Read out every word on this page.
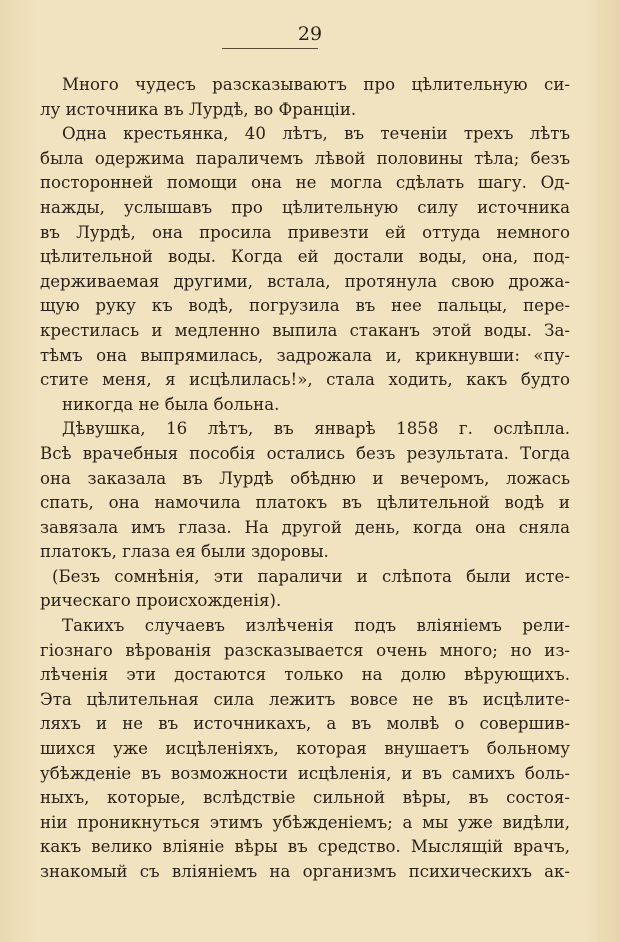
29
Много чудесъ разсказываютъ про цѣлительную си-
лу источника въ Лурдѣ, во Франціи.
Одна крестьянка, 40 лѣтъ, въ теченіи трехъ лѣтъ
была одержима параличемъ лѣвой половины тѣла; безъ
посторонней помощи она не могла сдѣлать шагу. Од-
нажды, услышавъ про цѣлительную силу источника
въ Лурдѣ, она просила привезти ей оттуда немного
цѣлительной воды. Когда ей достали воды, она, под-
держиваемая другими, встала, протянула свою дрожа-
щую руку къ водѣ, погрузила въ нее пальцы, пере-
крестилась и медленно выпила стаканъ этой воды. За-
тѣмъ она выпрямилась, задрожала и, крикнувши: «пу-
стите меня, я исцѣлилась!», стала ходить, какъ будто
никогда не была больна.
Дѣвушка, 16 лѣтъ, въ январѣ 1858 г. ослѣпла.
Всѣ врачебныя пособія остались безъ результата. Тогда
она заказала въ Лурдѣ обѣдню и вечеромъ, ложась
спать, она намочила платокъ въ цѣлительной водѣ и
завязала имъ глаза. На другой день, когда она сняла
платокъ, глаза ея были здоровы.
(Безъ сомнѣнія, эти параличи и слѣпота были истe-
рическаго происхожденія).
Такихъ случаевъ излѣченія подъ вліяніемъ рели-
гіознаго вѣрованія разсказывается очень много; но из-
лѣченія эти достаются только на долю вѣрующихъ.
Эта цѣлительная сила лежитъ вовсе не въ исцѣлите-
ляхъ и не въ источникахъ, а въ молвѣ о совершив-
шихся уже исцѣленіяхъ, которая внушаетъ больному
убѣжденіе въ возможности исцѣленія, и въ самихъ боль-
ныхъ, которые, вслѣдствіе сильной вѣры, въ состоя-
ніи проникнуться этимъ убѣжденіемъ; а мы уже видѣли,
какъ велико вліяніе вѣры въ средство. Мыслящій врачъ,
знакомый съ вліяніемъ на организмъ психическихъ ак-
